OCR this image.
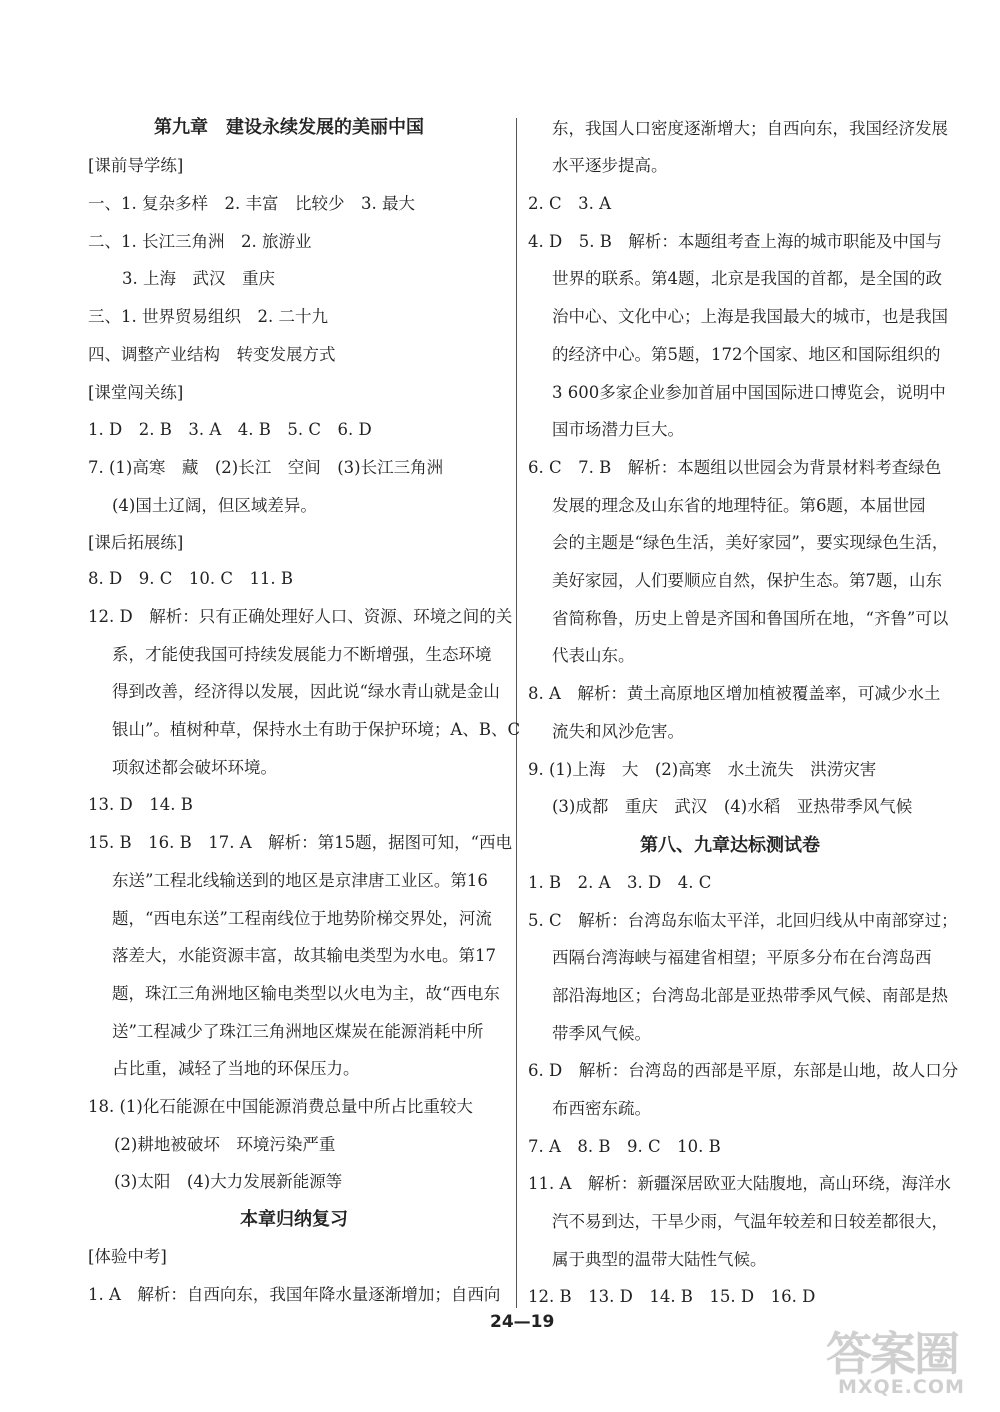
第九章　建设永续发展的美丽中国
[课前导学练]
一、1. 复杂多样　2. 丰富　比较少　3. 最大
二、1. 长江三角洲　2. 旅游业
3. 上海　武汉　重庆
三、1. 世界贸易组织　2. 二十九
四、调整产业结构　转变发展方式
[课堂闯关练]
1. D　2. B　3. A　4. B　5. C　6. D
7. (1)高寒　藏　(2)长江　空间　(3)长江三角洲
(4)国土辽阔，但区域差异。
[课后拓展练]
8. D　9. C　10. C　11. B
12. D　解析：只有正确处理好人口、资源、环境之间的关
系，才能使我国可持续发展能力不断增强，生态环境
得到改善，经济得以发展，因此说“绿水青山就是金山
银山”。植树种草，保持水土有助于保护环境；A、B、C
项叙述都会破坏环境。
13. D　14. B
15. B　16. B　17. A　解析：第15题，据图可知，“西电
东送”工程北线输送到的地区是京津唐工业区。第16
题，“西电东送”工程南线位于地势阶梯交界处，河流
落差大，水能资源丰富，故其输电类型为水电。第17
题，珠江三角洲地区输电类型以火电为主，故“西电东
送”工程减少了珠江三角洲地区煤炭在能源消耗中所
占比重，减轻了当地的环保压力。
18. (1)化石能源在中国能源消费总量中所占比重较大
(2)耕地被破坏　环境污染严重
(3)太阳　(4)大力发展新能源等
本章归纳复习
[体验中考]
1. A　解析：自西向东，我国年降水量逐渐增加；自西向
东，我国人口密度逐渐增大；自西向东，我国经济发展
水平逐步提高。
2. C　3. A
4. D　5. B　解析：本题组考查上海的城市职能及中国与
世界的联系。第4题，北京是我国的首都，是全国的政
治中心、文化中心；上海是我国最大的城市，也是我国
的经济中心。第5题，172个国家、地区和国际组织的
3 600多家企业参加首届中国国际进口博览会，说明中
国市场潜力巨大。
6. C　7. B　解析：本题组以世园会为背景材料考查绿色
发展的理念及山东省的地理特征。第6题，本届世园
会的主题是“绿色生活，美好家园”，要实现绿色生活，
美好家园，人们要顺应自然，保护生态。第7题，山东
省简称鲁，历史上曾是齐国和鲁国所在地，“齐鲁”可以
代表山东。
8. A　解析：黄土高原地区增加植被覆盖率，可减少水土
流失和风沙危害。
9. (1)上海　大　(2)高寒　水土流失　洪涝灾害
(3)成都　重庆　武汉　(4)水稻　亚热带季风气候
第八、九章达标测试卷
1. B　2. A　3. D　4. C
5. C　解析：台湾岛东临太平洋，北回归线从中南部穿过；
西隔台湾海峡与福建省相望；平原多分布在台湾岛西
部沿海地区；台湾岛北部是亚热带季风气候、南部是热
带季风气候。
6. D　解析：台湾岛的西部是平原，东部是山地，故人口分
布西密东疏。
7. A　8. B　9. C　10. B
11. A　解析：新疆深居欧亚大陆腹地，高山环绕，海洋水
汽不易到达，干旱少雨，气温年较差和日较差都很大，
属于典型的温带大陆性气候。
12. B　13. D　14. B　15. D　16. D
24—19
答案圈
MXQE.COM
